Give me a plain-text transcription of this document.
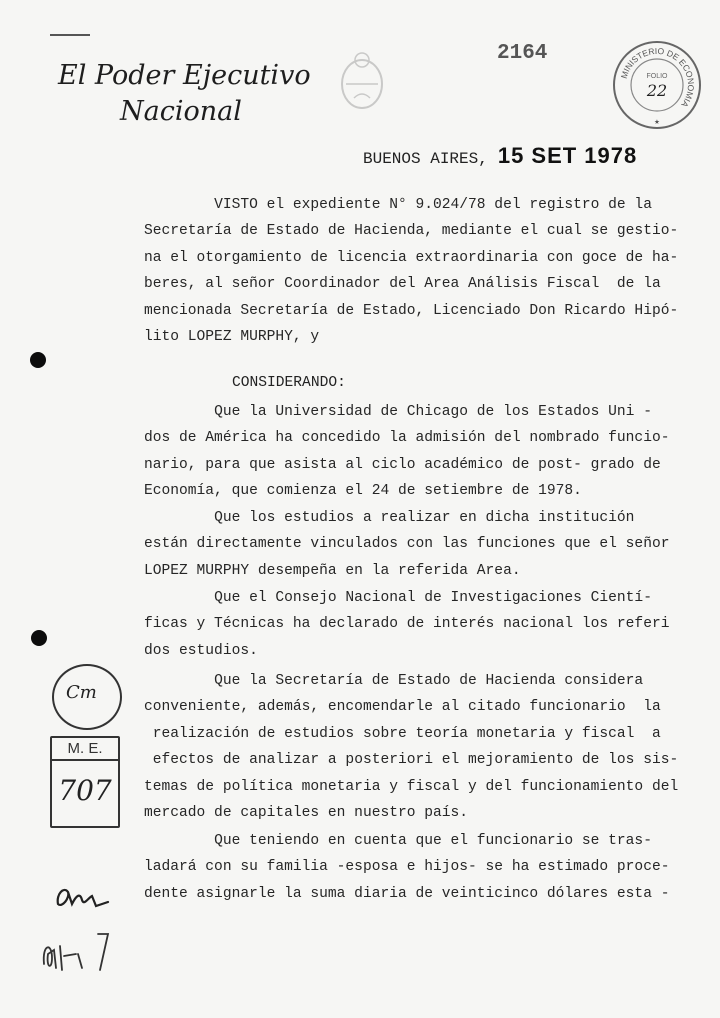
El Poder Ejecutivo
Nacional
2164
MINISTERIO DE ECONOMIA
FOLIO
22
★
BUENOS AIRES, 15 SET 1978
VISTO el expediente N° 9.024/78 del registro de la
Secretaría de Estado de Hacienda, mediante el cual se gestio-
na el otorgamiento de licencia extraordinaria con goce de ha-
beres, al señor Coordinador del Area Análisis Fiscal  de la
mencionada Secretaría de Estado, Licenciado Don Ricardo Hipó-
lito LOPEZ MURPHY, y
CONSIDERANDO:
Que la Universidad de Chicago de los Estados Uni -
dos de América ha concedido la admisión del nombrado funcio-
nario, para que asista al ciclo académico de post- grado de
Economía, que comienza el 24 de setiembre de 1978.
Que los estudios a realizar en dicha institución
están directamente vinculados con las funciones que el señor
LOPEZ MURPHY desempeña en la referida Area.
Que el Consejo Nacional de Investigaciones Cientí-
ficas y Técnicas ha declarado de interés nacional los referi
dos estudios.
Que la Secretaría de Estado de Hacienda considera
conveniente, además, encomendarle al citado funcionario  la
realización de estudios sobre teoría monetaria y fiscal  a
efectos de analizar a posteriori el mejoramiento de los sis-
temas de política monetaria y fiscal y del funcionamiento del
mercado de capitales en nuestro país.
Que teniendo en cuenta que el funcionario se tras-
ladará con su familia -esposa e hijos- se ha estimado proce-
dente asignarle la suma diaria de veinticinco dólares esta -
Cm
M. E.
707
